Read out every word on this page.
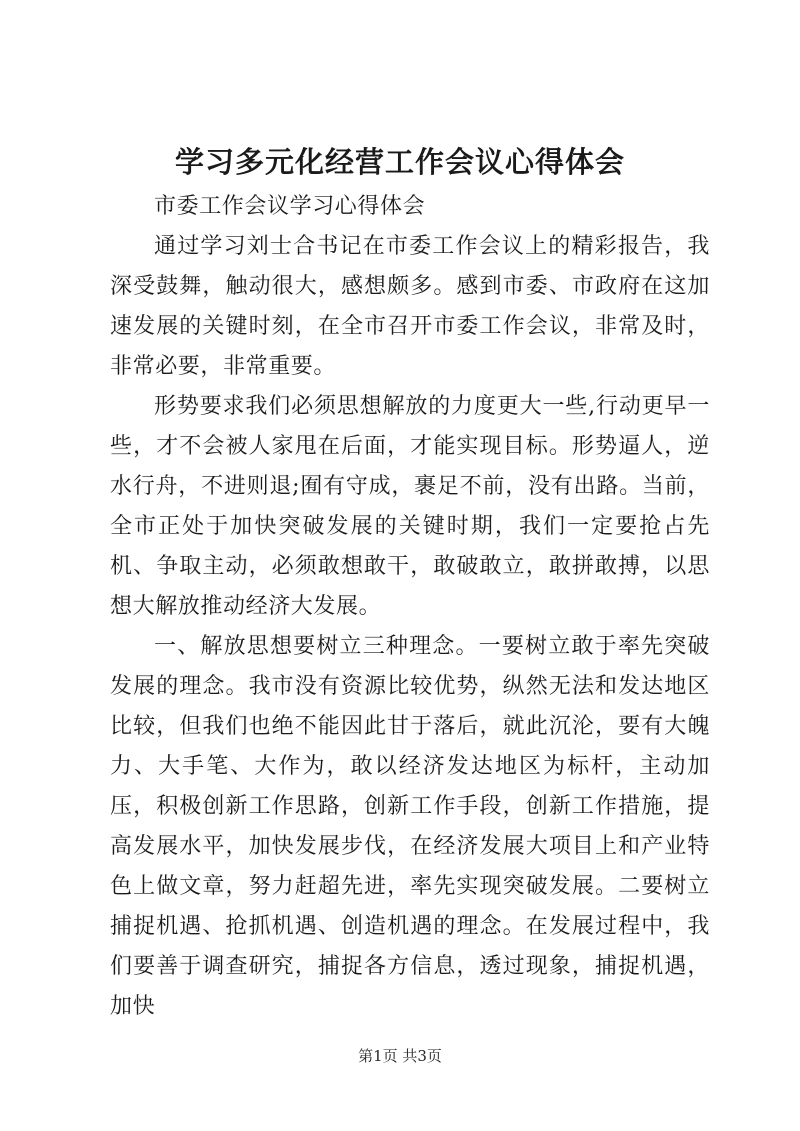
学习多元化经营工作会议心得体会

市委工作会议学习心得体会

通过学习刘士合书记在市委工作会议上的精彩报告，我深受鼓舞，触动很大，感想颇多。感到市委、市政府在这加速发展的关键时刻，在全市召开市委工作会议，非常及时，非常必要，非常重要。

形势要求我们必须思想解放的力度更大一些,行动更早一些，才不会被人家甩在后面，才能实现目标。形势逼人，逆水行舟，不进则退;囿有守成，裹足不前，没有出路。当前，全市正处于加快突破发展的关键时期，我们一定要抢占先机、争取主动，必须敢想敢干，敢破敢立，敢拼敢搏，以思想大解放推动经济大发展。

一、解放思想要树立三种理念。一要树立敢于率先突破发展的理念。我市没有资源比较优势，纵然无法和发达地区比较，但我们也绝不能因此甘于落后，就此沉沦，要有大魄力、大手笔、大作为，敢以经济发达地区为标杆，主动加压，积极创新工作思路，创新工作手段，创新工作措施，提高发展水平，加快发展步伐，在经济发展大项目上和产业特色上做文章，努力赶超先进，率先实现突破发展。二要树立捕捉机遇、抢抓机遇、创造机遇的理念。在发展过程中，我们要善于调查研究，捕捉各方信息，透过现象，捕捉机遇，加快

第1页 共3页
